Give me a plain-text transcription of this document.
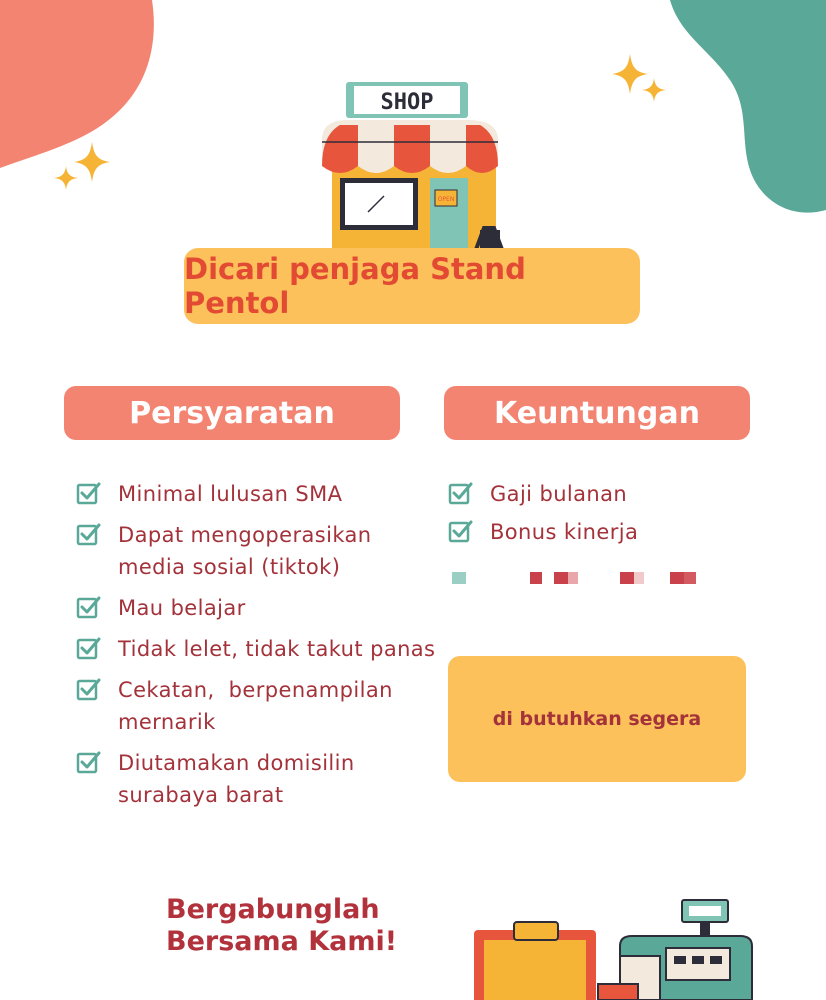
SHOP
OPEN
Dicari penjaga Stand Pentol
Persyaratan
Minimal lulusan SMA
Dapat mengoperasikan media sosial (tiktok)
Mau belajar
Tidak lelet, tidak takut panas
Cekatan,  berpenampilan mernarik
Diutamakan domisilin surabaya barat
Keuntungan
Gaji bulanan
Bonus kinerja
di butuhkan segera
Bergabunglah
Bersama Kami!
